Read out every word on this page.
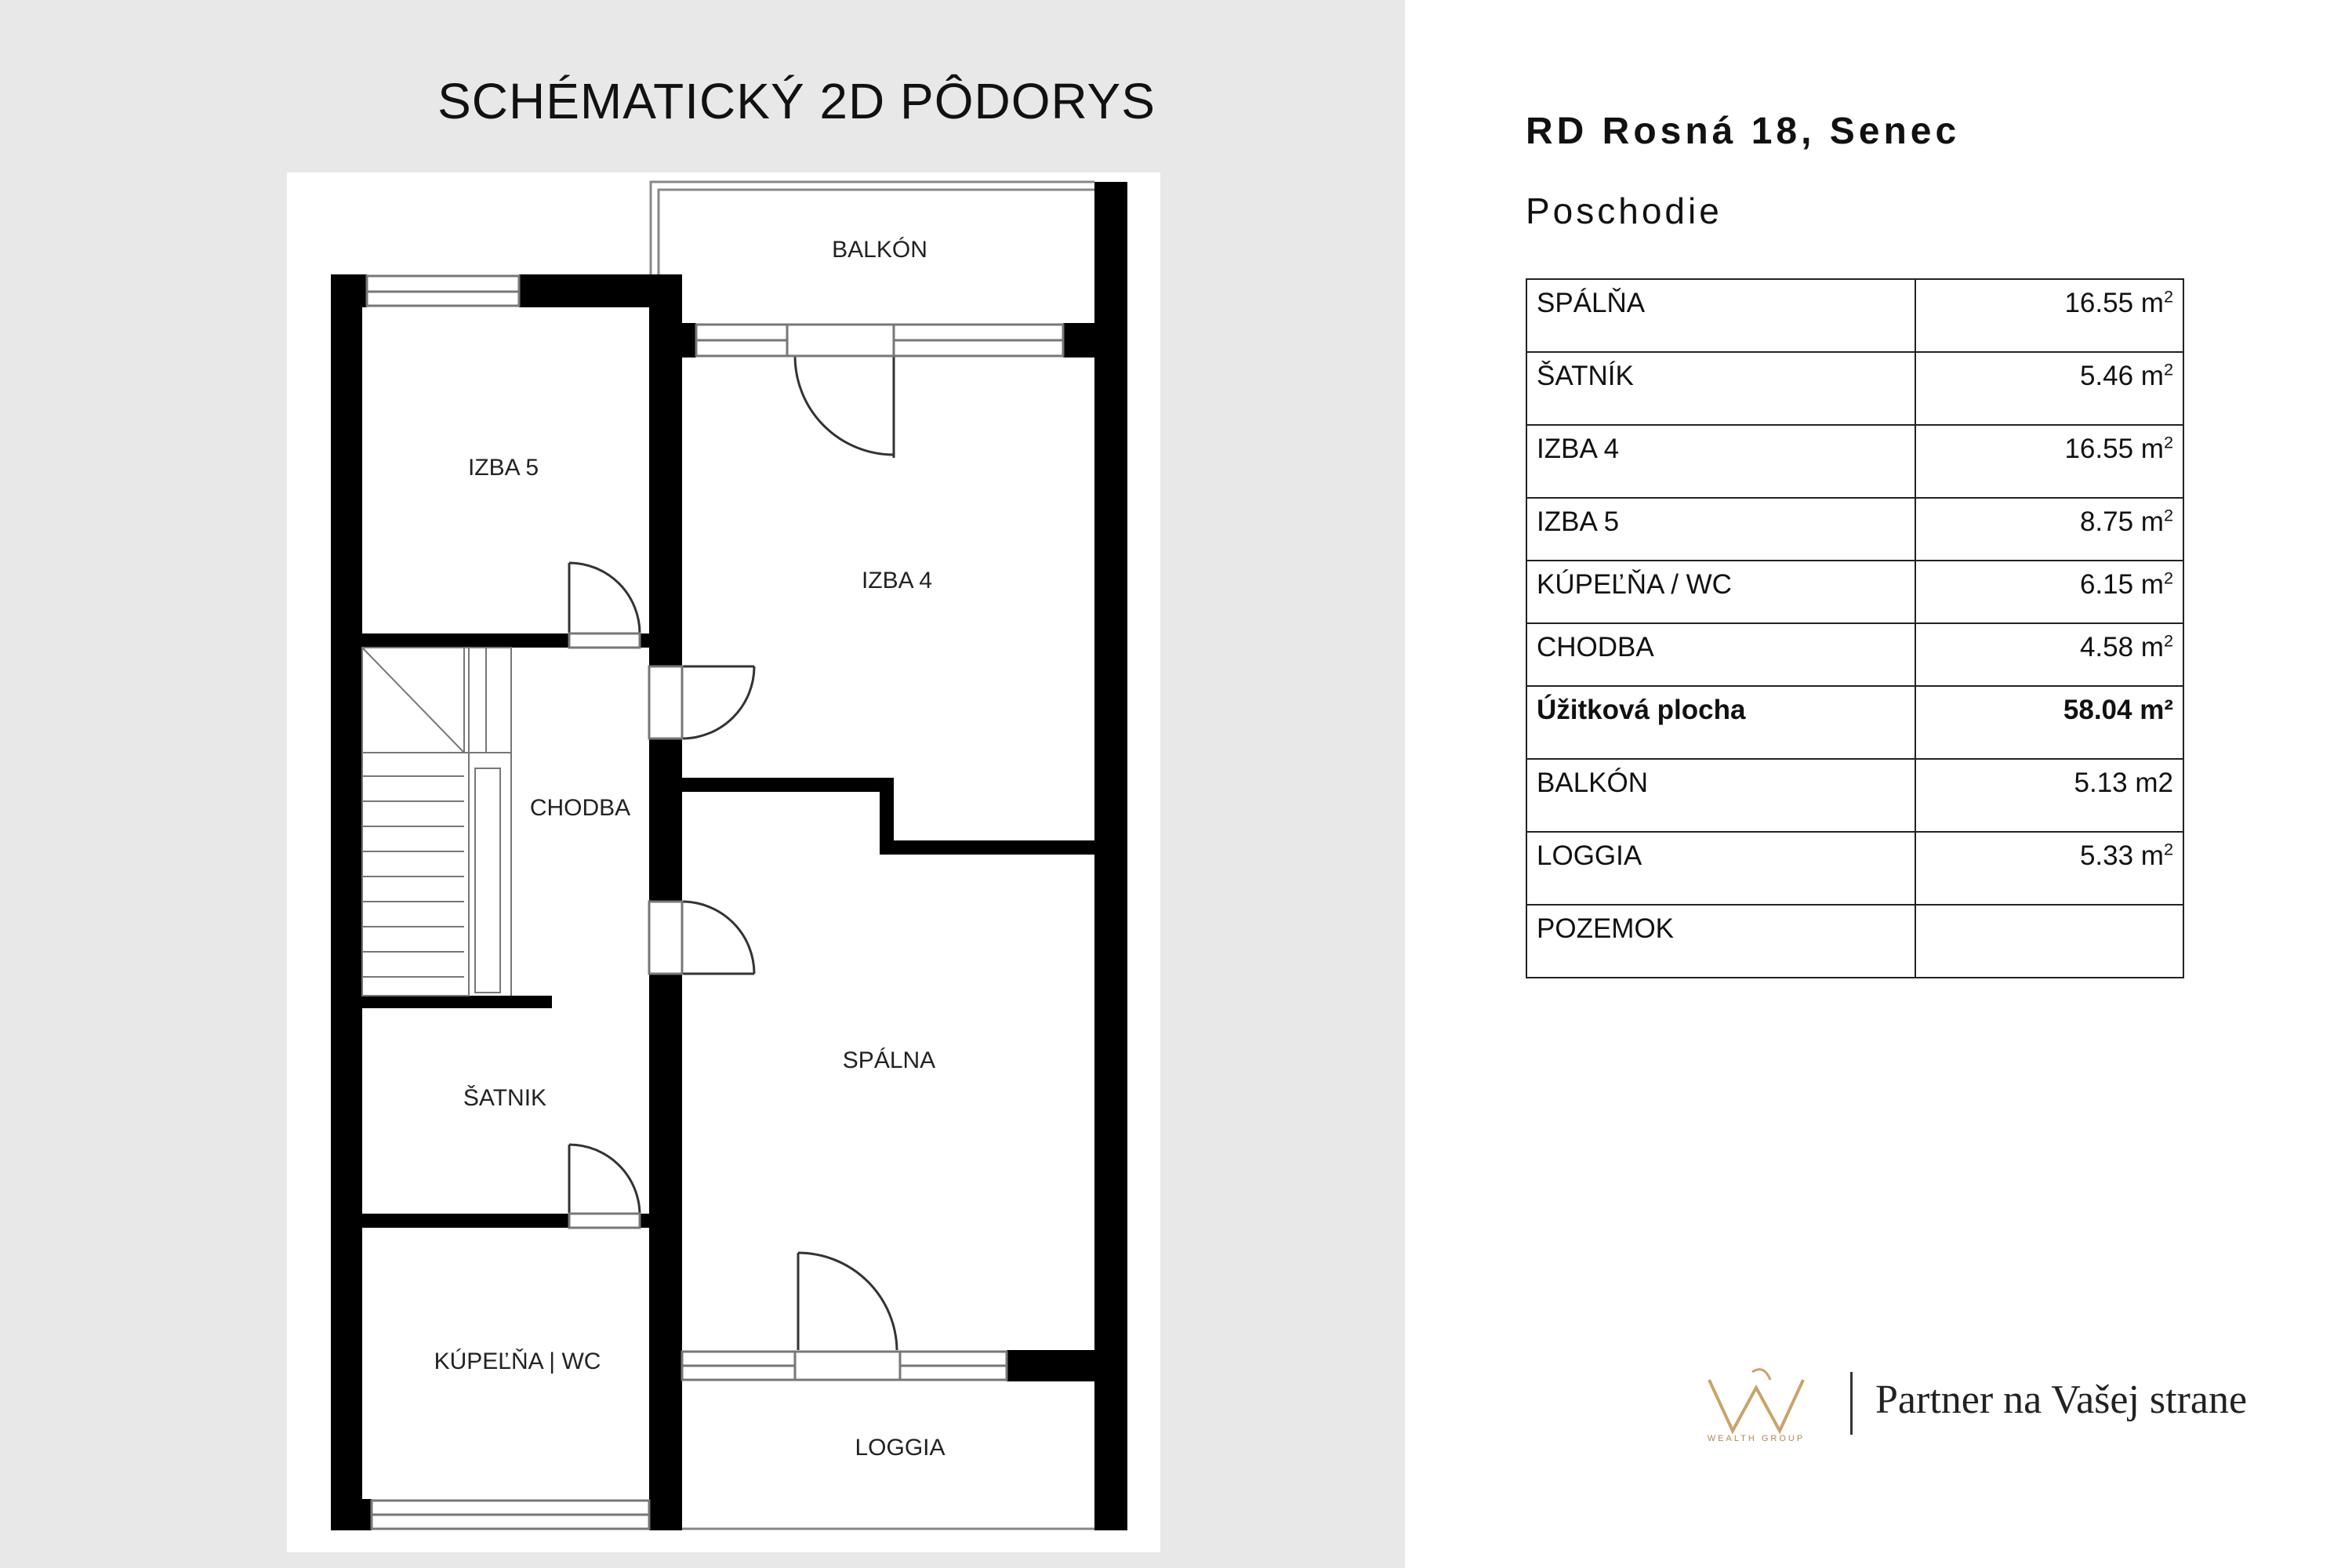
SCHÉMATICKÝ 2D PÔDORYS
BALKÓN
IZBA 5
IZBA 4
CHODBA
ŠATNIK
SPÁLNA
KÚPEĽŇA | WC
LOGGIA
RD Rosná 18, Senec
Poschodie
SPÁLŇA	16.55 $m^2$
ŠATNÍK	5.46 $m^2$
IZBA 4	16.55 $m^2$
IZBA 5	8.75 $m^2$
KÚPEĽŇA / WC	6.15 $m^2$
CHODBA	4.58 $m^2$
Úžitková plocha	58.04 m²
BALKÓN	5.13 m2
LOGGIA	5.33 $m^2$
POZEMOK	
WEALTH GROUP
Partner na Vašej strane
